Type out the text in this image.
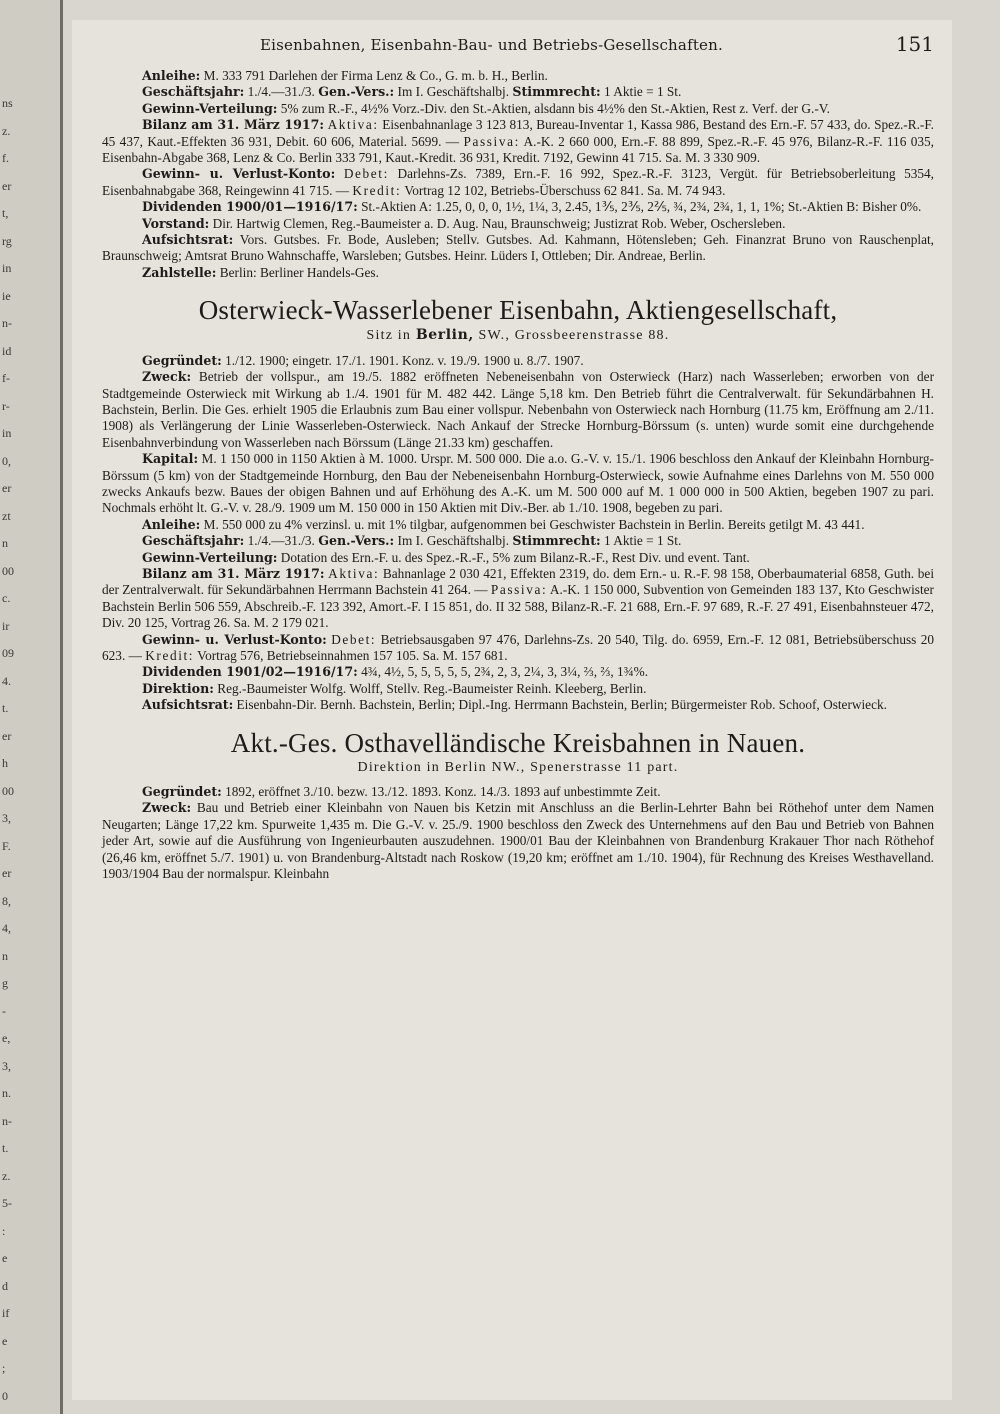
ns
z.
f.
er
t,
rg
in
ie
n-
id
f-
r-
in
0,
er
zt
n
00
c.
ir
09
4.
t.
er
h
00
3,
F.
er
8,
4,
n
g
-
e,
3,
n.
n-
t.
z.
5-
:
e
d
if
e
;
0
Eisenbahnen, Eisenbahn-Bau- und Betriebs-Gesellschaften.	151

Anleihe: M. 333 791 Darlehen der Firma Lenz & Co., G. m. b. H., Berlin.

Geschäftsjahr: 1./4.—31./3. Gen.-Vers.: Im I. Geschäftshalbj. Stimmrecht: 1 Aktie = 1 St.

Gewinn-Verteilung: 5% zum R.-F., 4½% Vorz.-Div. den St.-Aktien, alsdann bis 4½% den St.-Aktien, Rest z. Verf. der G.-V.

Bilanz am 31. März 1917: Aktiva: Eisenbahnanlage 3 123 813, Bureau-Inventar 1, Kassa 986, Bestand des Ern.-F. 57 433, do. Spez.-R.-F. 45 437, Kaut.-Effekten 36 931, Debit. 60 606, Material. 5699. — Passiva: A.-K. 2 660 000, Ern.-F. 88 899, Spez.-R.-F. 45 976, Bilanz-R.-F. 116 035, Eisenbahn-Abgabe 368, Lenz & Co. Berlin 333 791, Kaut.-Kredit. 36 931, Kredit. 7192, Gewinn 41 715. Sa. M. 3 330 909.

Gewinn- u. Verlust-Konto: Debet: Darlehns-Zs. 7389, Ern.-F. 16 992, Spez.-R.-F. 3123, Vergüt. für Betriebsoberleitung 5354, Eisenbahnabgabe 368, Reingewinn 41 715. — Kredit: Vortrag 12 102, Betriebs-Überschuss 62 841. Sa. M. 74 943.

Dividenden 1900/01—1916/17: St.-Aktien A: 1.25, 0, 0, 0, 1½, 1¼, 3, 2.45, 1⅗, 2⅗, 2⅖, ¾, 2¾, 2¾, 1, 1, 1%; St.-Aktien B: Bisher 0%.

Vorstand: Dir. Hartwig Clemen, Reg.-Baumeister a. D. Aug. Nau, Braunschweig; Justizrat Rob. Weber, Oschersleben.

Aufsichtsrat: Vors. Gutsbes. Fr. Bode, Ausleben; Stellv. Gutsbes. Ad. Kahmann, Hötensleben; Geh. Finanzrat Bruno von Rauschenplat, Braunschweig; Amtsrat Bruno Wahnschaffe, Warsleben; Gutsbes. Heinr. Lüders I, Ottleben; Dir. Andreae, Berlin.

Zahlstelle: Berlin: Berliner Handels-Ges.

Osterwieck-Wasserlebener Eisenbahn, Aktiengesellschaft,
Sitz in Berlin, SW., Grossbeerenstrasse 88.

Gegründet: 1./12. 1900; eingetr. 17./1. 1901. Konz. v. 19./9. 1900 u. 8./7. 1907.

Zweck: Betrieb der vollspur., am 19./5. 1882 eröffneten Nebeneisenbahn von Osterwieck (Harz) nach Wasserleben; erworben von der Stadtgemeinde Osterwieck mit Wirkung ab 1./4. 1901 für M. 482 442. Länge 5,18 km. Den Betrieb führt die Centralverwalt. für Sekundärbahnen H. Bachstein, Berlin. Die Ges. erhielt 1905 die Erlaubnis zum Bau einer vollspur. Nebenbahn von Osterwieck nach Hornburg (11.75 km, Eröffnung am 2./11. 1908) als Verlängerung der Linie Wasserleben-Osterwieck. Nach Ankauf der Strecke Hornburg-Börssum (s. unten) wurde somit eine durchgehende Eisenbahnverbindung von Wasserleben nach Börssum (Länge 21.33 km) geschaffen.

Kapital: M. 1 150 000 in 1150 Aktien à M. 1000. Urspr. M. 500 000. Die a.o. G.-V. v. 15./1. 1906 beschloss den Ankauf der Kleinbahn Hornburg-Börssum (5 km) von der Stadtgemeinde Hornburg, den Bau der Nebeneisenbahn Hornburg-Osterwieck, sowie Aufnahme eines Darlehns von M. 550 000 zwecks Ankaufs bezw. Baues der obigen Bahnen und auf Erhöhung des A.-K. um M. 500 000 auf M. 1 000 000 in 500 Aktien, begeben 1907 zu pari. Nochmals erhöht lt. G.-V. v. 28./9. 1909 um M. 150 000 in 150 Aktien mit Div.-Ber. ab 1./10. 1908, begeben zu pari.

Anleihe: M. 550 000 zu 4% verzinsl. u. mit 1% tilgbar, aufgenommen bei Geschwister Bachstein in Berlin. Bereits getilgt M. 43 441.

Geschäftsjahr: 1./4.—31./3. Gen.-Vers.: Im I. Geschäftshalbj. Stimmrecht: 1 Aktie = 1 St.

Gewinn-Verteilung: Dotation des Ern.-F. u. des Spez.-R.-F., 5% zum Bilanz-R.-F., Rest Div. und event. Tant.

Bilanz am 31. März 1917: Aktiva: Bahnanlage 2 030 421, Effekten 2319, do. dem Ern.- u. R.-F. 98 158, Oberbaumaterial 6858, Guth. bei der Zentralverwalt. für Sekundärbahnen Herrmann Bachstein 41 264. — Passiva: A.-K. 1 150 000, Subvention von Gemeinden 183 137, Kto Geschwister Bachstein Berlin 506 559, Abschreib.-F. 123 392, Amort.-F. I 15 851, do. II 32 588, Bilanz-R.-F. 21 688, Ern.-F. 97 689, R.-F. 27 491, Eisenbahnsteuer 472, Div. 20 125, Vortrag 26. Sa. M. 2 179 021.

Gewinn- u. Verlust-Konto: Debet: Betriebsausgaben 97 476, Darlehns-Zs. 20 540, Tilg. do. 6959, Ern.-F. 12 081, Betriebsüberschuss 20 623. — Kredit: Vortrag 576, Betriebseinnahmen 157 105. Sa. M. 157 681.

Dividenden 1901/02—1916/17: 4¾, 4½, 5, 5, 5, 5, 5, 2¾, 2, 3, 2¼, 3, 3¼, ⅔, ⅔, 1¾%.

Direktion: Reg.-Baumeister Wolfg. Wolff, Stellv. Reg.-Baumeister Reinh. Kleeberg, Berlin.

Aufsichtsrat: Eisenbahn-Dir. Bernh. Bachstein, Berlin; Dipl.-Ing. Herrmann Bachstein, Berlin; Bürgermeister Rob. Schoof, Osterwieck.

Akt.-Ges. Osthavelländische Kreisbahnen in Nauen.
Direktion in Berlin NW., Spenerstrasse 11 part.

Gegründet: 1892, eröffnet 3./10. bezw. 13./12. 1893. Konz. 14./3. 1893 auf unbestimmte Zeit.

Zweck: Bau und Betrieb einer Kleinbahn von Nauen bis Ketzin mit Anschluss an die Berlin-Lehrter Bahn bei Röthehof unter dem Namen Neugarten; Länge 17,22 km. Spurweite 1,435 m. Die G.-V. v. 25./9. 1900 beschloss den Zweck des Unternehmens auf den Bau und Betrieb von Bahnen jeder Art, sowie auf die Ausführung von Ingenieurbauten auszudehnen. 1900/01 Bau der Kleinbahnen von Brandenburg Krakauer Thor nach Röthehof (26,46 km, eröffnet 5./7. 1901) u. von Brandenburg-Altstadt nach Roskow (19,20 km; eröffnet am 1./10. 1904), für Rechnung des Kreises Westhavelland. 1903/1904 Bau der normalspur. Kleinbahn
